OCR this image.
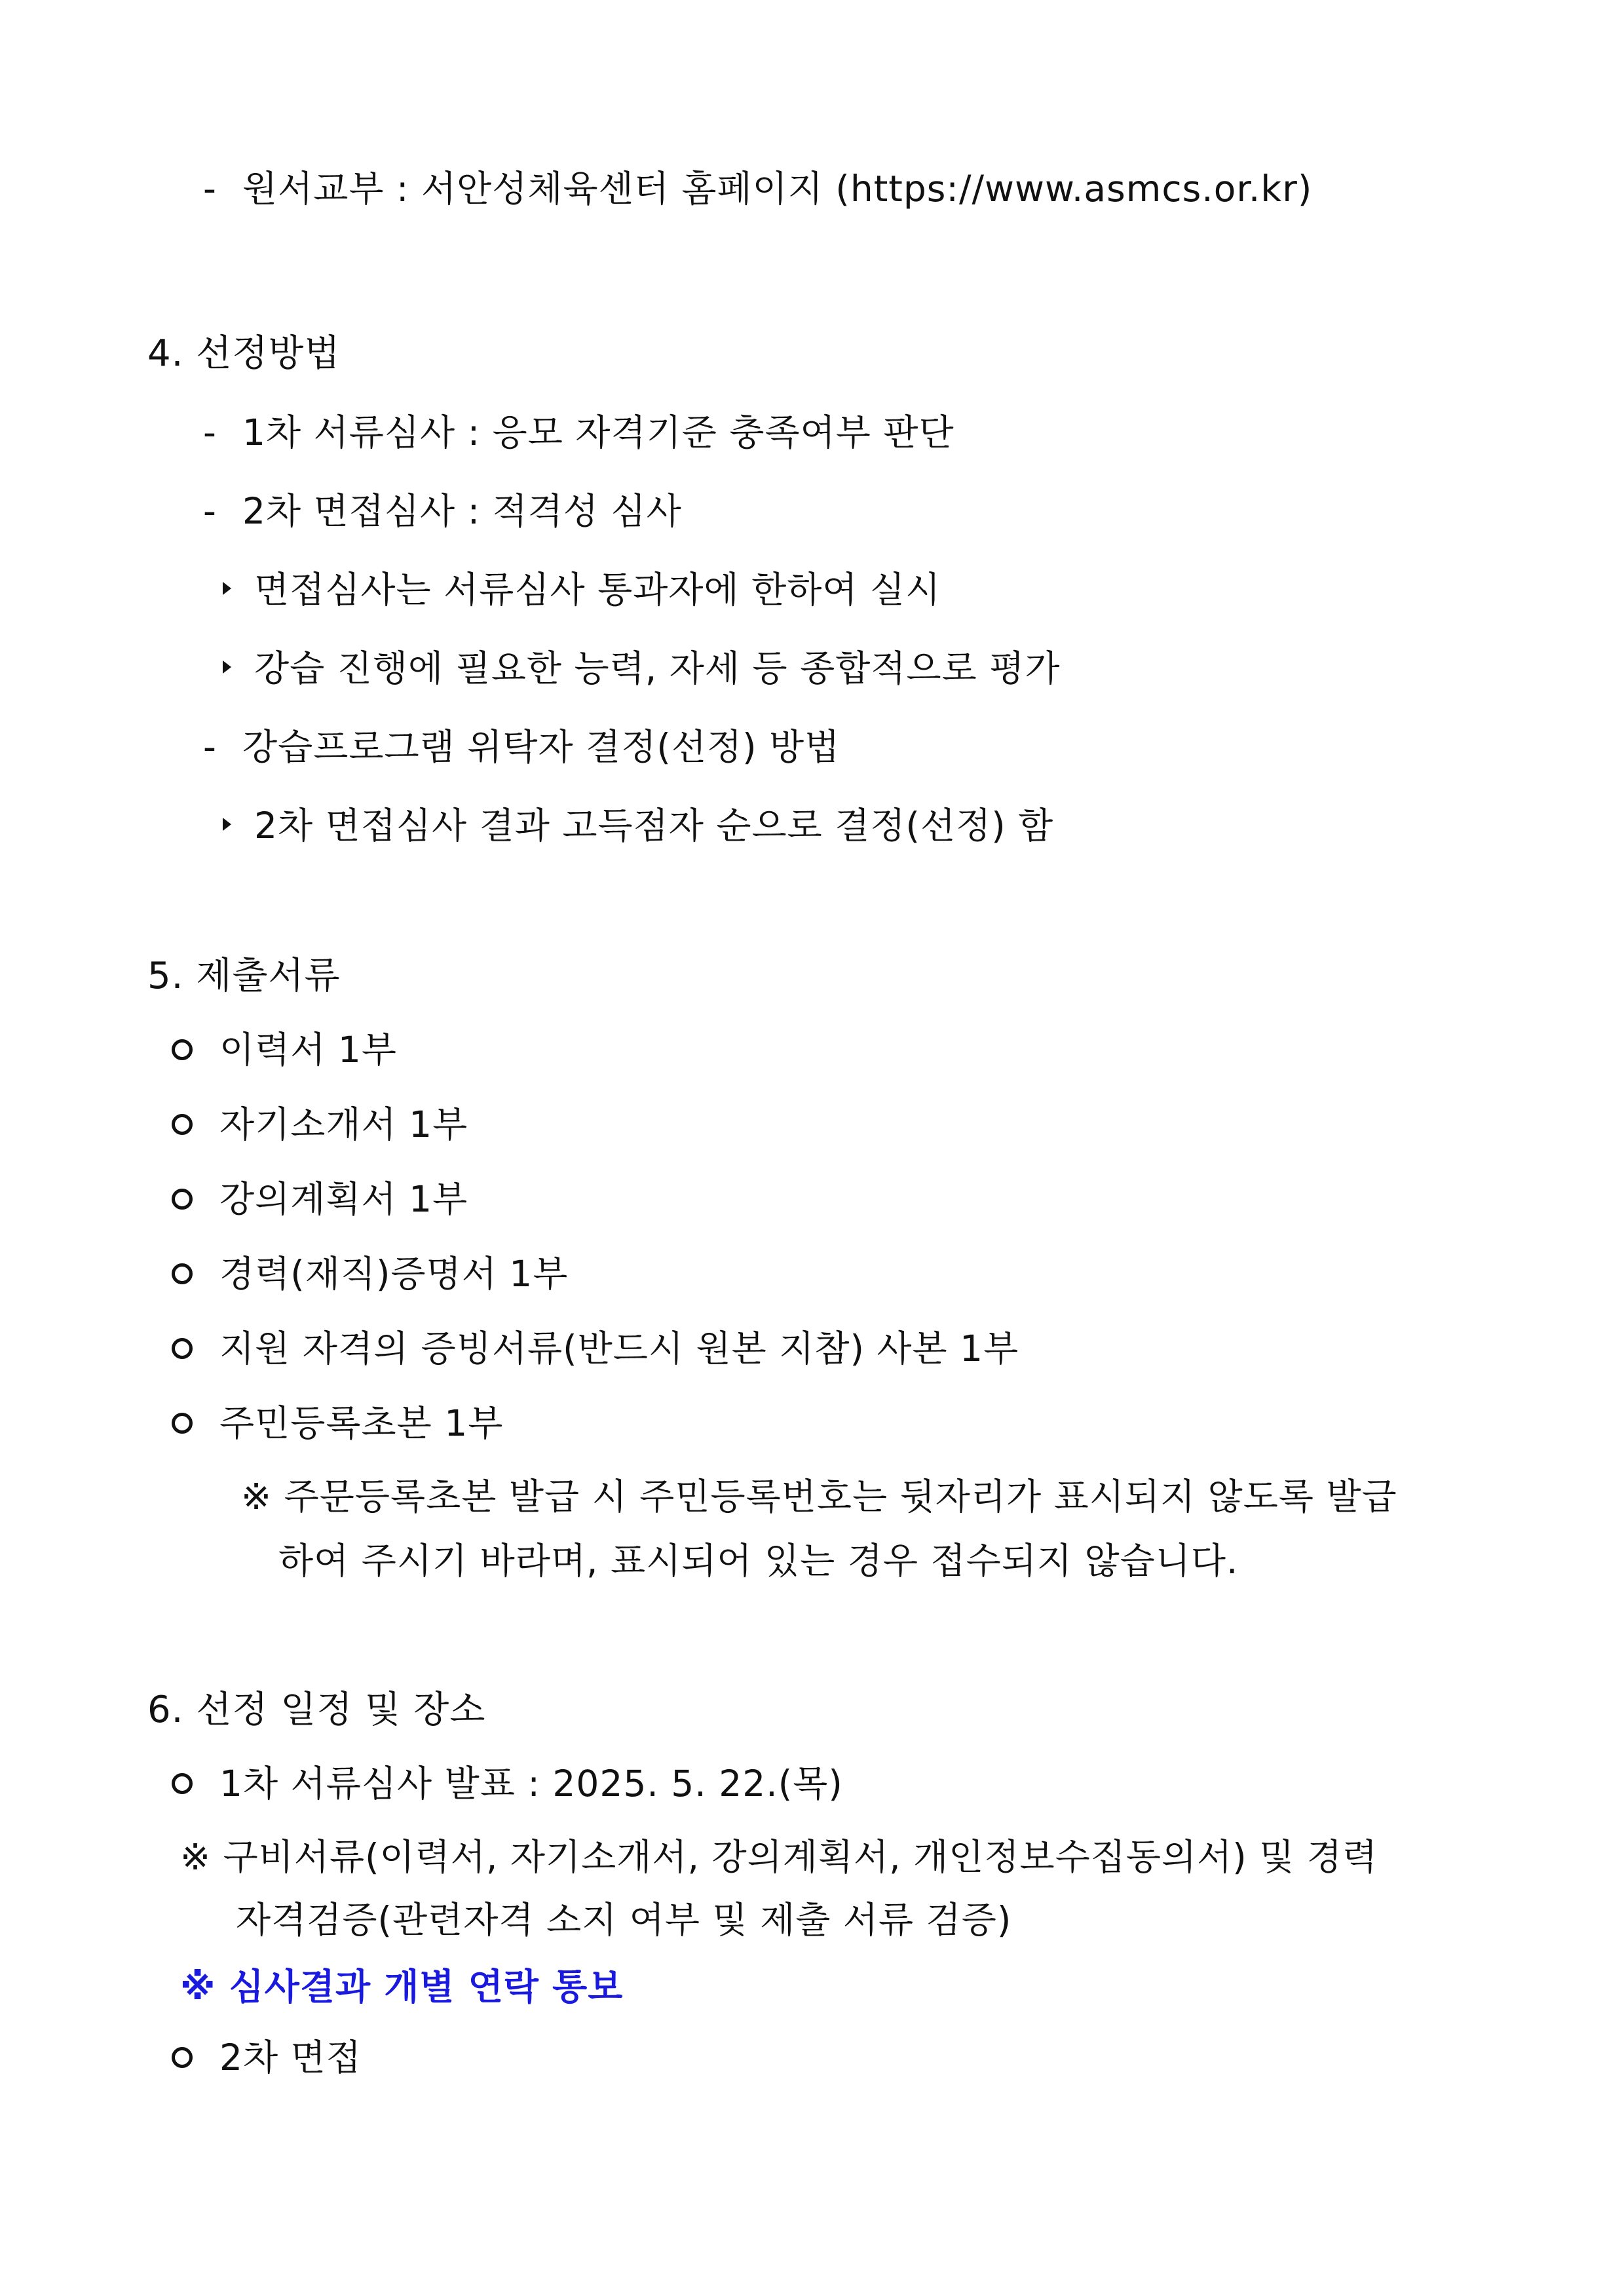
- 원서교부 : 서안성체육센터 홈페이지 (https://www.asmcs.or.kr)
4. 선정방법
- 1차 서류심사 : 응모 자격기준 충족여부 판단
- 2차 면접심사 : 적격성 심사
면접심사는 서류심사 통과자에 한하여 실시
강습 진행에 필요한 능력, 자세 등 종합적으로 평가
- 강습프로그램 위탁자 결정(선정) 방법
2차 면접심사 결과 고득점자 순으로 결정(선정) 함
5. 제출서류
이력서 1부
자기소개서 1부
강의계획서 1부
경력(재직)증명서 1부
지원 자격의 증빙서류(반드시 원본 지참) 사본 1부
주민등록초본 1부
※ 주문등록초본 발급 시 주민등록번호는 뒷자리가 표시되지 않도록 발급
하여 주시기 바라며, 표시되어 있는 경우 접수되지 않습니다.
6. 선정 일정 및 장소
1차 서류심사 발표 : 2025. 5. 22.(목)
※ 구비서류(이력서, 자기소개서, 강의계획서, 개인정보수집동의서) 및 경력
자격검증(관련자격 소지 여부 및 제출 서류 검증)
※ 심사결과 개별 연락 통보
2차 면접
